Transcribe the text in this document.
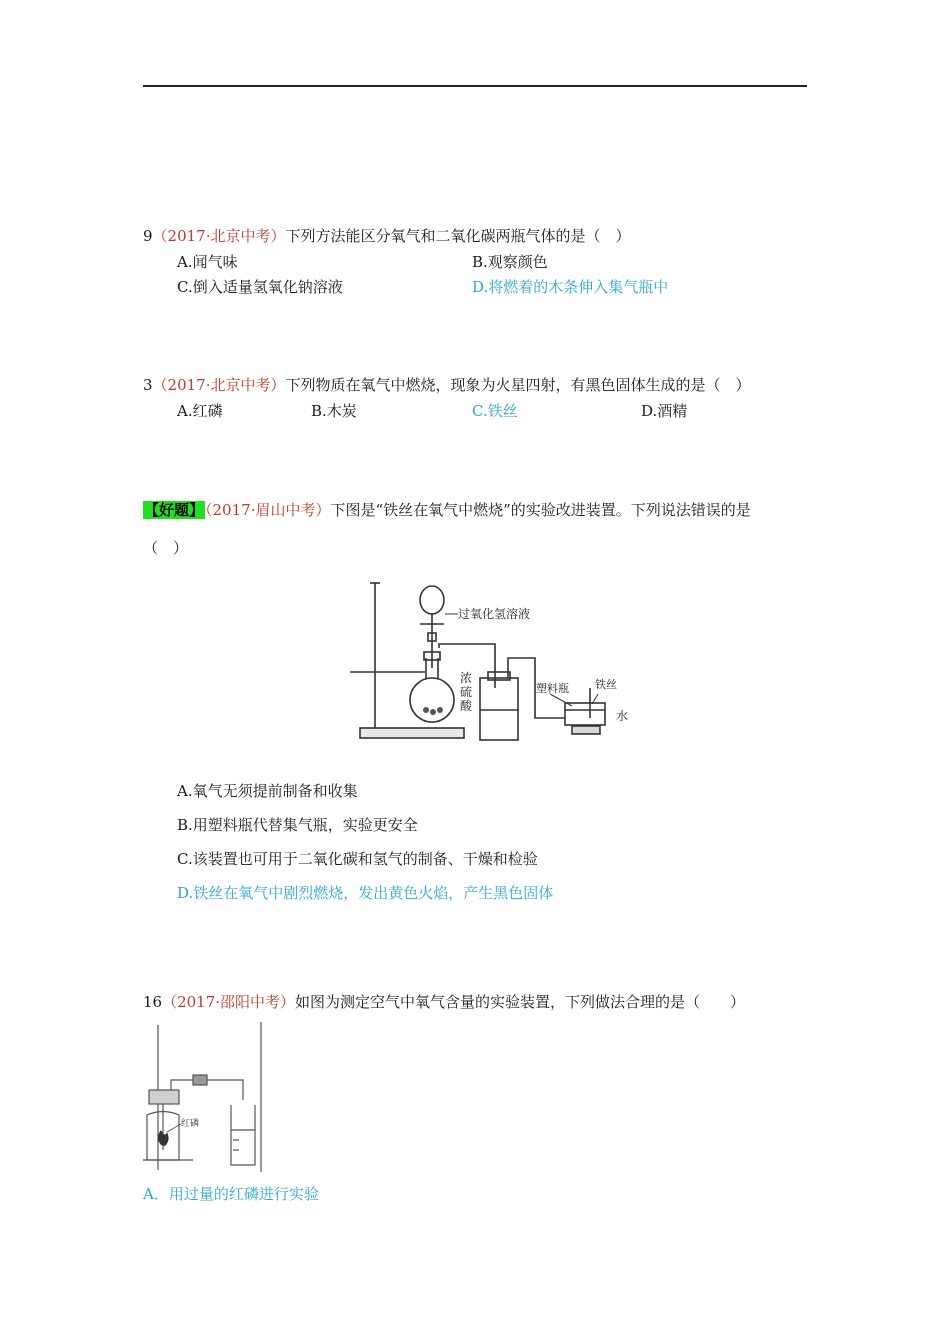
9（2017·北京中考）下列方法能区分氧气和二氧化碳两瓶气体的是（　）
A.闻气味	B.观察颜色
C.倒入适量氢氧化钠溶液	D.将燃着的木条伸入集气瓶中
3（2017·北京中考）下列物质在氧气中燃烧，现象为火星四射，有黑色固体生成的是（　）
A.红磷	B.木炭	C.铁丝	D.酒精
【好题】（2017·眉山中考）下图是“铁丝在氧气中燃烧”的实验改进装置。下列说法错误的是
（　）
过氧化氢溶液
浓
硫
酸
塑料瓶 铁丝
水
A.氧气无须提前制备和收集
B.用塑料瓶代替集气瓶，实验更安全
C.该装置也可用于二氧化碳和氢气的制备、干燥和检验
D.铁丝在氧气中剧烈燃烧，发出黄色火焰，产生黑色固体
16（2017·邵阳中考）如图为测定空气中氧气含量的实验装置，下列做法合理的是（　　）
红磷
A．用过量的红磷进行实验
